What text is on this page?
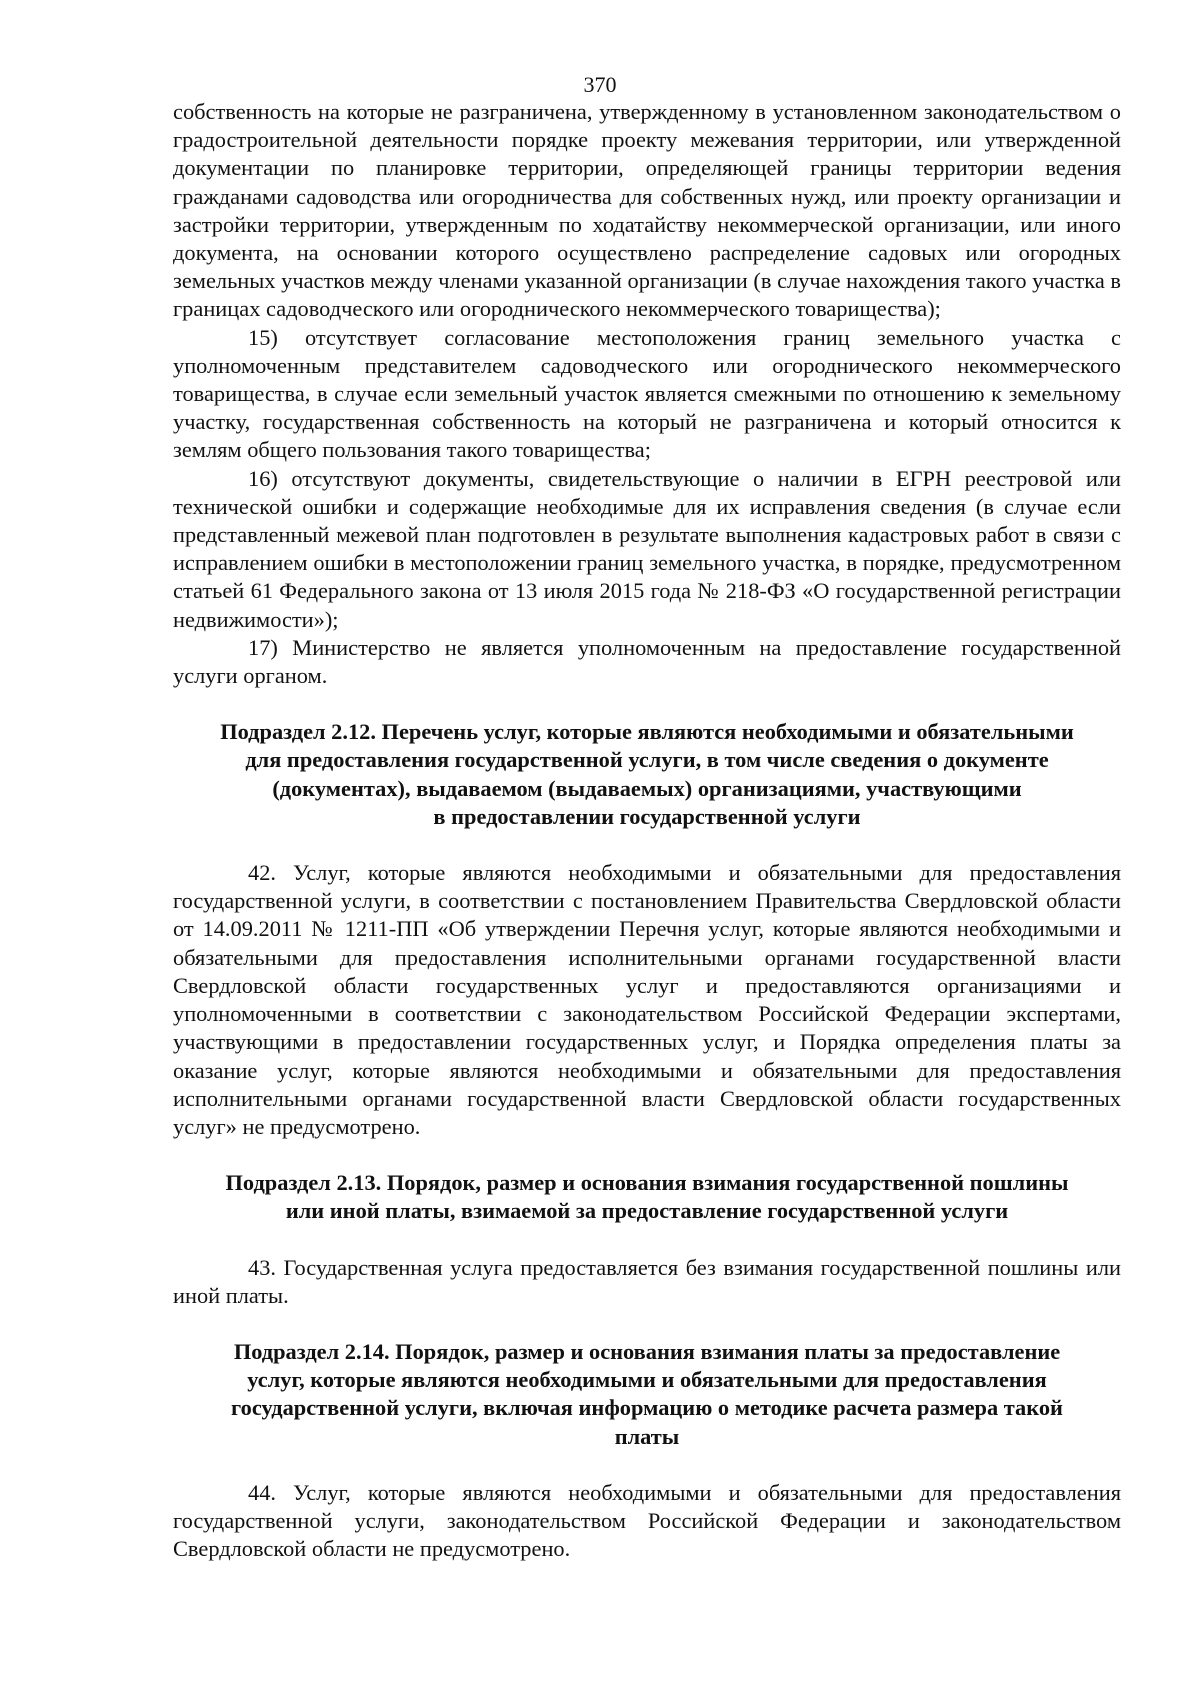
370

собственность на которые не разграничена, утвержденному в установленном законодательством о градостроительной деятельности порядке проекту межевания территории, или утвержденной документации по планировке территории, определяющей границы территории ведения гражданами садоводства или огородничества для собственных нужд, или проекту организации и застройки территории, утвержденным по ходатайству некоммерческой организации, или иного документа, на основании которого осуществлено распределение садовых или огородных земельных участков между членами указанной организации (в случае нахождения такого участка в границах садоводческого или огороднического некоммерческого товарищества);

15) отсутствует согласование местоположения границ земельного участка с уполномоченным представителем садоводческого или огороднического некоммерческого товарищества, в случае если земельный участок является смежными по отношению к земельному участку, государственная собственность на который не разграничена и который относится к землям общего пользования такого товарищества;

16) отсутствуют документы, свидетельствующие о наличии в ЕГРН реестровой или технической ошибки и содержащие необходимые для их исправления сведения (в случае если представленный межевой план подготовлен в результате выполнения кадастровых работ в связи с исправлением ошибки в местоположении границ земельного участка, в порядке, предусмотренном статьей 61 Федерального закона от 13 июля 2015 года № 218-ФЗ «О государственной регистрации недвижимости»);

17) Министерство не является уполномоченным на предоставление государственной услуги органом.

Подраздел 2.12. Перечень услуг, которые являются необходимыми и обязательными
для предоставления государственной услуги, в том числе сведения о документе
(документах), выдаваемом (выдаваемых) организациями, участвующими
в предоставлении государственной услуги

42. Услуг, которые являются необходимыми и обязательными для предоставления государственной услуги, в соответствии с постановлением Правительства Свердловской области от 14.09.2011 № 1211-ПП «Об утверждении Перечня услуг, которые являются необходимыми и обязательными для предоставления исполнительными органами государственной власти Свердловской области государственных услуг и предоставляются организациями и уполномоченными в соответствии с законодательством Российской Федерации экспертами, участвующими в предоставлении государственных услуг, и Порядка определения платы за оказание услуг, которые являются необходимыми и обязательными для предоставления исполнительными органами государственной власти Свердловской области государственных услуг» не предусмотрено.

Подраздел 2.13. Порядок, размер и основания взимания государственной пошлины
или иной платы, взимаемой за предоставление государственной услуги

43. Государственная услуга предоставляется без взимания государственной пошлины или иной платы.

Подраздел 2.14. Порядок, размер и основания взимания платы за предоставление
услуг, которые являются необходимыми и обязательными для предоставления
государственной услуги, включая информацию о методике расчета размера такой
платы

44. Услуг, которые являются необходимыми и обязательными для предоставления государственной услуги, законодательством Российской Федерации и законодательством Свердловской области не предусмотрено.
